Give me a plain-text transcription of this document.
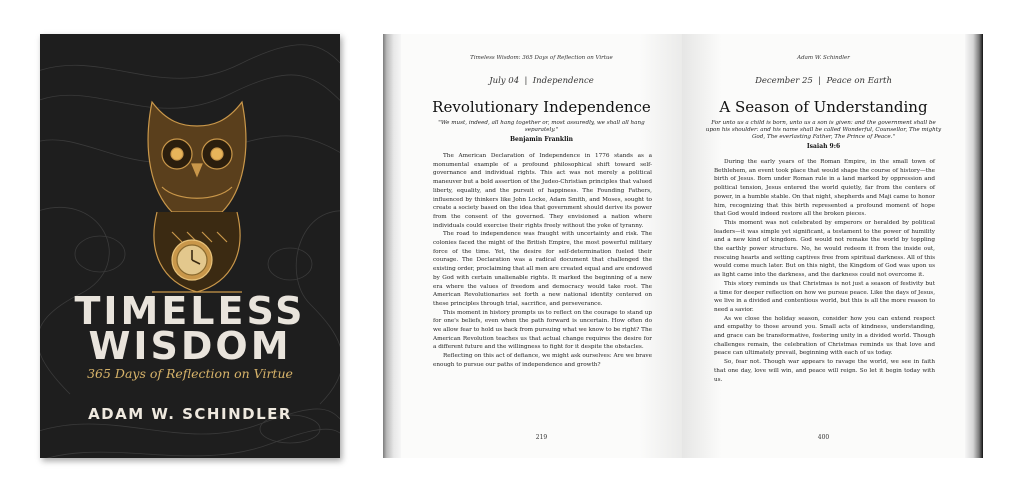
TIMELESS
WISDOM
365 Days of Reflection on Virtue
ADAM W. SCHINDLER
Timeless Wisdom: 365 Days of Reflection on Virtue
July 04  |  Independence
Revolutionary Independence
"We must, indeed, all hang together or, most assuredly, we shall all hang separately."
Benjamin Franklin

The American Declaration of Independence in 1776 stands as a monumental example of a profound philosophical shift toward self-governance and individual rights. This act was not merely a political maneuver but a bold assertion of the Judeo-Christian principles that valued liberty, equality, and the pursuit of happiness. The Founding Fathers, influenced by thinkers like John Locke, Adam Smith, and Moses, sought to create a society based on the idea that government should derive its power from the consent of the governed. They envisioned a nation where individuals could exercise their rights freely without the yoke of tyranny.

The road to independence was fraught with uncertainty and risk. The colonies faced the might of the British Empire, the most powerful military force of the time. Yet, the desire for self-determination fueled their courage. The Declaration was a radical document that challenged the existing order, proclaiming that all men are created equal and are endowed by God with certain unalienable rights. It marked the beginning of a new era where the values of freedom and democracy would take root. The American Revolutionaries set forth a new national identity centered on these principles through trial, sacrifice, and perseverance.

This moment in history prompts us to reflect on the courage to stand up for one's beliefs, even when the path forward is uncertain. How often do we allow fear to hold us back from pursuing what we know to be right? The American Revolution teaches us that actual change requires the desire for a different future and the willingness to fight for it despite the obstacles.

Reflecting on this act of defiance, we might ask ourselves: Are we brave enough to pursue our paths of independence and growth?

219
Adam W. Schindler
December 25  |  Peace on Earth
A Season of Understanding
For unto us a child is born, unto us a son is given: and the government shall be upon his shoulder: and his name shall be called Wonderful, Counsellor, The mighty God, The everlasting Father, The Prince of Peace."
Isaiah 9:6

During the early years of the Roman Empire, in the small town of Bethlehem, an event took place that would shape the course of history—the birth of Jesus. Born under Roman rule in a land marked by oppression and political tension, Jesus entered the world quietly, far from the centers of power, in a humble stable. On that night, shepherds and Maji came to honor him, recognizing that this birth represented a profound moment of hope that God would indeed restore all the broken pieces.

This moment was not celebrated by emperors or heralded by political leaders—it was simple yet significant, a testament to the power of humility and a new kind of kingdom. God would not remake the world by toppling the earthly power structure. No, he would redeem it from the inside out, rescuing hearts and setting captives free from spiritual darkness. All of this would come much later. But on this night, the Kingdom of God was upon us as light came into the darkness, and the darkness could not overcome it.

This story reminds us that Christmas is not just a season of festivity but a time for deeper reflection on how we pursue peace. Like the days of Jesus, we live in a divided and contentious world, but this is all the more reason to need a savior.

As we close the holiday season, consider how you can extend respect and empathy to those around you. Small acts of kindness, understanding, and grace can be transformative, fostering unity in a divided world. Though challenges remain, the celebration of Christmas reminds us that love and peace can ultimately prevail, beginning with each of us today.

So, fear not. Though war appears to ravage the world, we see in faith that one day, love will win, and peace will reign. So let it begin today with us.

400
